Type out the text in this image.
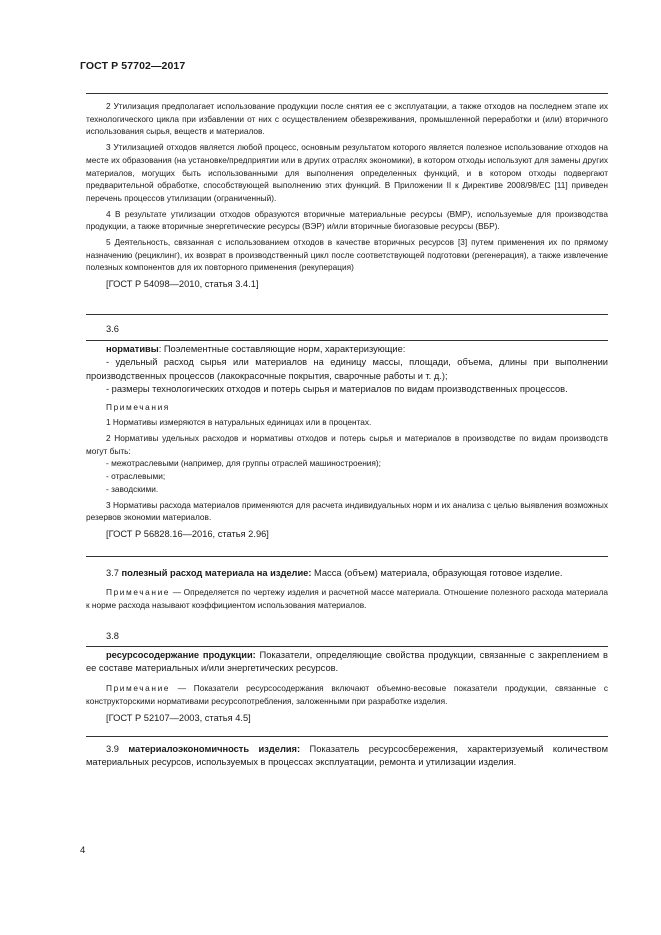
ГОСТ Р 57702—2017

2 Утилизация предполагает использование продукции после снятия ее с эксплуатации, а также отходов на последнем этапе их технологического цикла при избавлении от них с осуществлением обезвреживания, промышленной переработки и (или) вторичного использования сырья, веществ и материалов.

3 Утилизацией отходов является любой процесс, основным результатом которого является полезное использование отходов на месте их образования (на установке/предприятии или в других отраслях экономики), в котором отходы используют для замены других материалов, могущих быть использованными для выполнения определенных функций, и в котором отходы подвергают предварительной обработке, способствующей выполнению этих функций. В Приложении II к Директиве 2008/98/ЕС [11] приведен перечень процессов утилизации (ограниченный).

4 В результате утилизации отходов образуются вторичные материальные ресурсы (ВМР), используемые для производства продукции, а также вторичные энергетические ресурсы (ВЭР) и/или вторичные биогазовые ресурсы (ВБР).

5 Деятельность, связанная с использованием отходов в качестве вторичных ресурсов [3] путем применения их по прямому назначению (рециклинг), их возврат в производственный цикл после соответствующей подготовки (регенерация), а также извлечение полезных компонентов для их повторного применения (рекуперация)

[ГОСТ Р 54098—2010, статья 3.4.1]

3.6

нормативы: Поэлементные составляющие норм, характеризующие:

- удельный расход сырья или материалов на единицу массы, площади, объема, длины при выполнении производственных процессов (лакокрасочные покрытия, сварочные работы и т. д.);

- размеры технологических отходов и потерь сырья и материалов по видам производственных процессов.

Примечания

1 Нормативы измеряются в натуральных единицах или в процентах.

2 Нормативы удельных расходов и нормативы отходов и потерь сырья и материалов в производстве по видам производств могут быть:

- межотраслевыми (например, для группы отраслей машиностроения);

- отраслевыми;

- заводскими.

3 Нормативы расхода материалов применяются для расчета индивидуальных норм и их анализа с целью выявления возможных резервов экономии материалов.

[ГОСТ Р 56828.16—2016, статья 2.96]

3.7 полезный расход материала на изделие: Масса (объем) материала, образующая готовое изделие.

Примечание — Определяется по чертежу изделия и расчетной массе материала. Отношение полезного расхода материала к норме расхода называют коэффициентом использования материалов.

3.8

ресурсосодержание продукции: Показатели, определяющие свойства продукции, связанные с закреплением в ее составе материальных и/или энергетических ресурсов.

Примечание — Показатели ресурсосодержания включают объемно-весовые показатели продукции, связанные с конструкторскими нормативами ресурсопотребления, заложенными при разработке изделия.

[ГОСТ Р 52107—2003, статья 4.5]

3.9 материалоэкономичность изделия: Показатель ресурсосбережения, характеризуемый количеством материальных ресурсов, используемых в процессах эксплуатации, ремонта и утилизации изделия.

4
